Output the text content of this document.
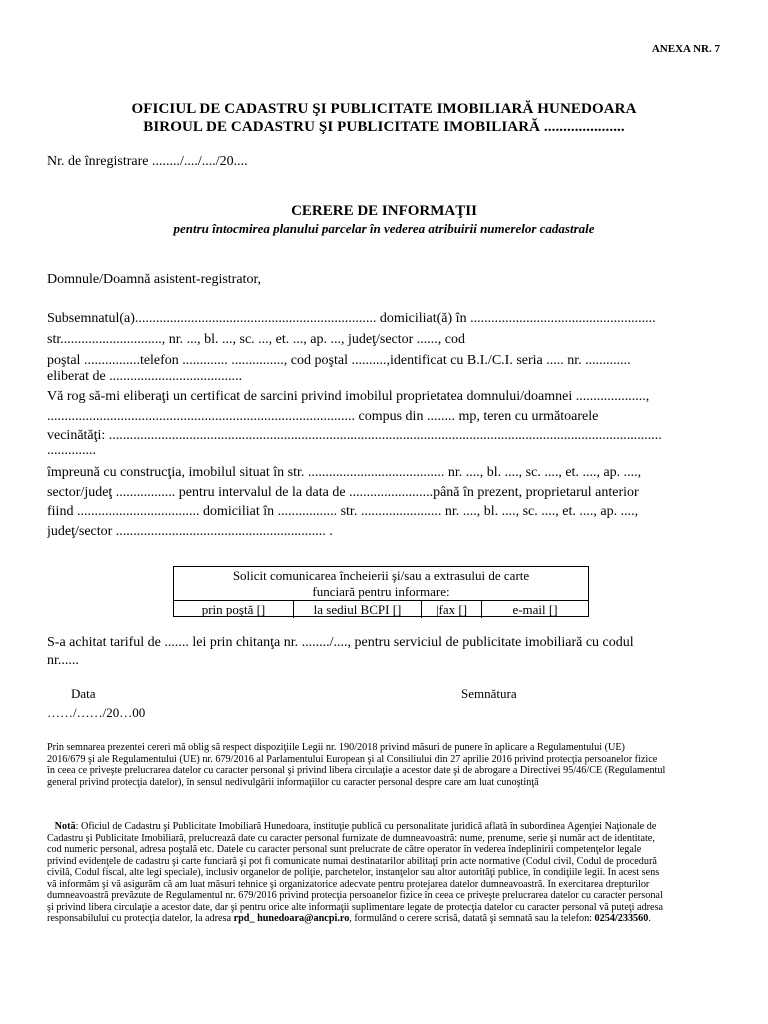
ANEXA NR. 7
OFICIUL DE CADASTRU ŞI PUBLICITATE IMOBILIARĂ HUNEDOARA
BIROUL DE CADASTRU ŞI PUBLICITATE IMOBILIARĂ .....................
Nr. de înregistrare ......../..../..../20....
CERERE DE INFORMAŢII
pentru întocmirea planului parcelar în vederea atribuirii numerelor cadastrale
Domnule/Doamnă asistent-registrator,
Subsemnatul(a)..................................................................... domiciliat(ă) în .....................................................
str............................., nr. ..., bl. ..., sc. ..., et. ..., ap. ..., judeţ/sector ......, cod
poştal ................telefon ............. ..............., cod poştal ..........,identificat cu B.I./C.I. seria ..... nr. .............
eliberat de ......................................
Vă rog să-mi eliberaţi un certificat de sarcini privind imobilul proprietatea domnului/doamnei ....................,
........................................................................................ compus din ........ mp, teren cu următoarele
vecinătăţi: ..............................................................................................................................................................
..............
împreună cu construcţia, imobilul situat în str. ....................................... nr. ...., bl. ...., sc. ...., et. ...., ap. ....,
sector/judeţ ................. pentru intervalul de la data de ........................până în prezent, proprietarul anterior
fiind ................................... domiciliat în ................. str. ....................... nr. ...., bl. ...., sc. ...., et. ...., ap. ....,
judeţ/sector ............................................................ .
Solicit comunicarea încheierii şi/sau a extrasului de carte
funciară pentru informare:
prin poştă []	la sediul BCPI []	|fax []	e-mail []
S-a achitat tariful de ....... lei prin chitanţa nr. ......../...., pentru serviciul de publicitate imobiliară cu codul
nr......
Data
……/……/20…00
Semnătura
Prin semnarea prezentei cereri mă oblig să respect dispoziţiile Legii nr. 190/2018 privind măsuri de punere în aplicare a Regulamentului (UE)
2016/679 şi ale Regulamentului (UE) nr. 679/2016 al Parlamentului European şi al Consiliului din 27 aprilie 2016 privind protecţia persoanelor fizice
în ceea ce priveşte prelucrarea datelor cu caracter personal şi privind libera circulaţie a acestor date şi de abrogare a Directivei 95/46/CE (Regulamentul
general privind protecţia datelor), în sensul nedivulgării informaţiilor cu caracter personal despre care am luat cunoştinţă
Notă: Oficiul de Cadastru şi Publicitate Imobiliară Hunedoara, instituţie publică cu personalitate juridică aflată în subordinea Agenţiei Naţionale de
Cadastru şi Publicitate Imobiliară, prelucrează date cu caracter personal furnizate de dumneavoastră: nume, prenume, serie şi număr act de identitate,
cod numeric personal, adresa poştală etc. Datele cu caracter personal sunt prelucrate de către operator în vederea îndeplinirii competenţelor legale
privind evidenţele de cadastru şi carte funciară şi pot fi comunicate numai destinatarilor abilitaţi prin acte normative (Codul civil, Codul de procedură
civilă, Codul fiscal, alte legi speciale), inclusiv organelor de poliţie, parchetelor, instanţelor sau altor autorităţi publice, în condiţiile legii. În acest sens
vă informăm şi vă asigurăm că am luat măsuri tehnice şi organizatorice adecvate pentru protejarea datelor dumneavoastră. În exercitarea drepturilor
dumneavoastră prevăzute de Regulamentul nr. 679/2016 privind protecţia persoanelor fizice în ceea ce priveşte prelucrarea datelor cu caracter personal
şi privind libera circulaţie a acestor date, dar şi pentru orice alte informaţii suplimentare legate de protecţia datelor cu caracter personal vă puteţi adresa
responsabilului cu protecţia datelor, la adresa rpd_ hunedoara@ancpi.ro, formulând o cerere scrisă, datată şi semnată sau la telefon: 0254/233560.
